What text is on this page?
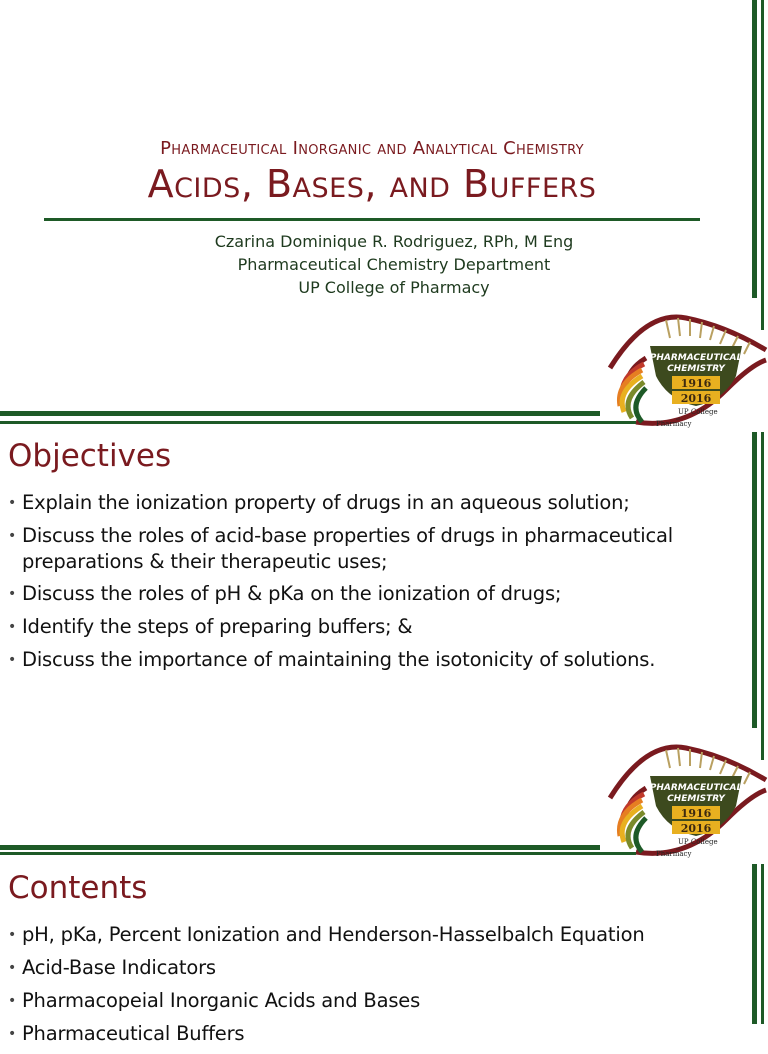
Pharmaceutical Inorganic and Analytical Chemistry
Acids, Bases, and Buffers
Czarina Dominique R. Rodriguez, RPh, M Eng
Pharmaceutical Chemistry Department
UP College of Pharmacy
PHARMACEUTICAL
CHEMISTRY
1916
2016
UP College
of
Pharmacy
Objectives
• Explain the ionization property of drugs in an aqueous solution;
• Discuss the roles of acid-base properties of drugs in pharmaceutical preparations & their therapeutic uses;
• Discuss the roles of pH & pKa on the ionization of drugs;
• Identify the steps of preparing buffers; &
• Discuss the importance of maintaining the isotonicity of solutions.
PHARMACEUTICAL
CHEMISTRY
1916
2016
UP College
of
Pharmacy
Contents
• pH, pKa, Percent Ionization and Henderson-Hasselbalch Equation
• Acid-Base Indicators
• Pharmacopeial Inorganic Acids and Bases
• Pharmaceutical Buffers
